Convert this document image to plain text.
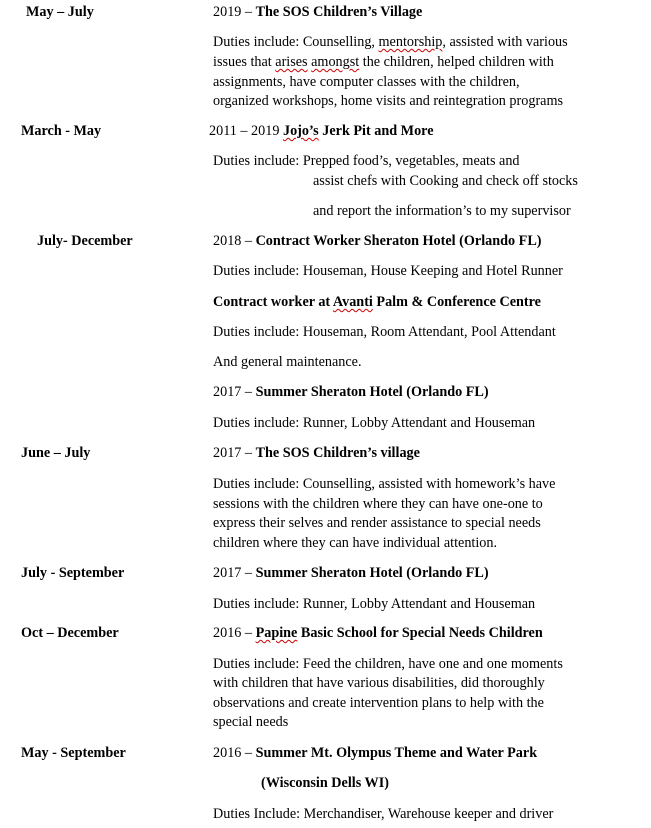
May – July	2019 – The SOS Children’s Village
Duties include: Counselling, mentorship, assisted with various
issues that arises amongst the children, helped children with
assignments, have computer classes with the children,
organized workshops, home visits and reintegration programs
March - May	2011 – 2019 Jojo’s Jerk Pit and More
Duties include: Prepped food’s, vegetables, meats and
assist chefs with Cooking and check off stocks
and report the information’s to my supervisor
July- December	2018 – Contract Worker Sheraton Hotel (Orlando FL)
Duties include: Houseman, House Keeping and Hotel Runner
Contract worker at Avanti Palm & Conference Centre
Duties include: Houseman, Room Attendant, Pool Attendant
And general maintenance.
2017 – Summer Sheraton Hotel (Orlando FL)
Duties include: Runner, Lobby Attendant and Houseman
June – July	2017 – The SOS Children’s village
Duties include: Counselling, assisted with homework’s have
sessions with the children where they can have one-one to
express their selves and render assistance to special needs
children where they can have individual attention.
July - September	2017 – Summer Sheraton Hotel (Orlando FL)
Duties include: Runner, Lobby Attendant and Houseman
Oct – December	2016 – Papine Basic School for Special Needs Children
Duties include: Feed the children, have one and one moments
with children that have various disabilities, did thoroughly
observations and create intervention plans to help with the
special needs
May - September	2016 – Summer Mt. Olympus Theme and Water Park
(Wisconsin Dells WI)
Duties Include: Merchandiser, Warehouse keeper and driver
